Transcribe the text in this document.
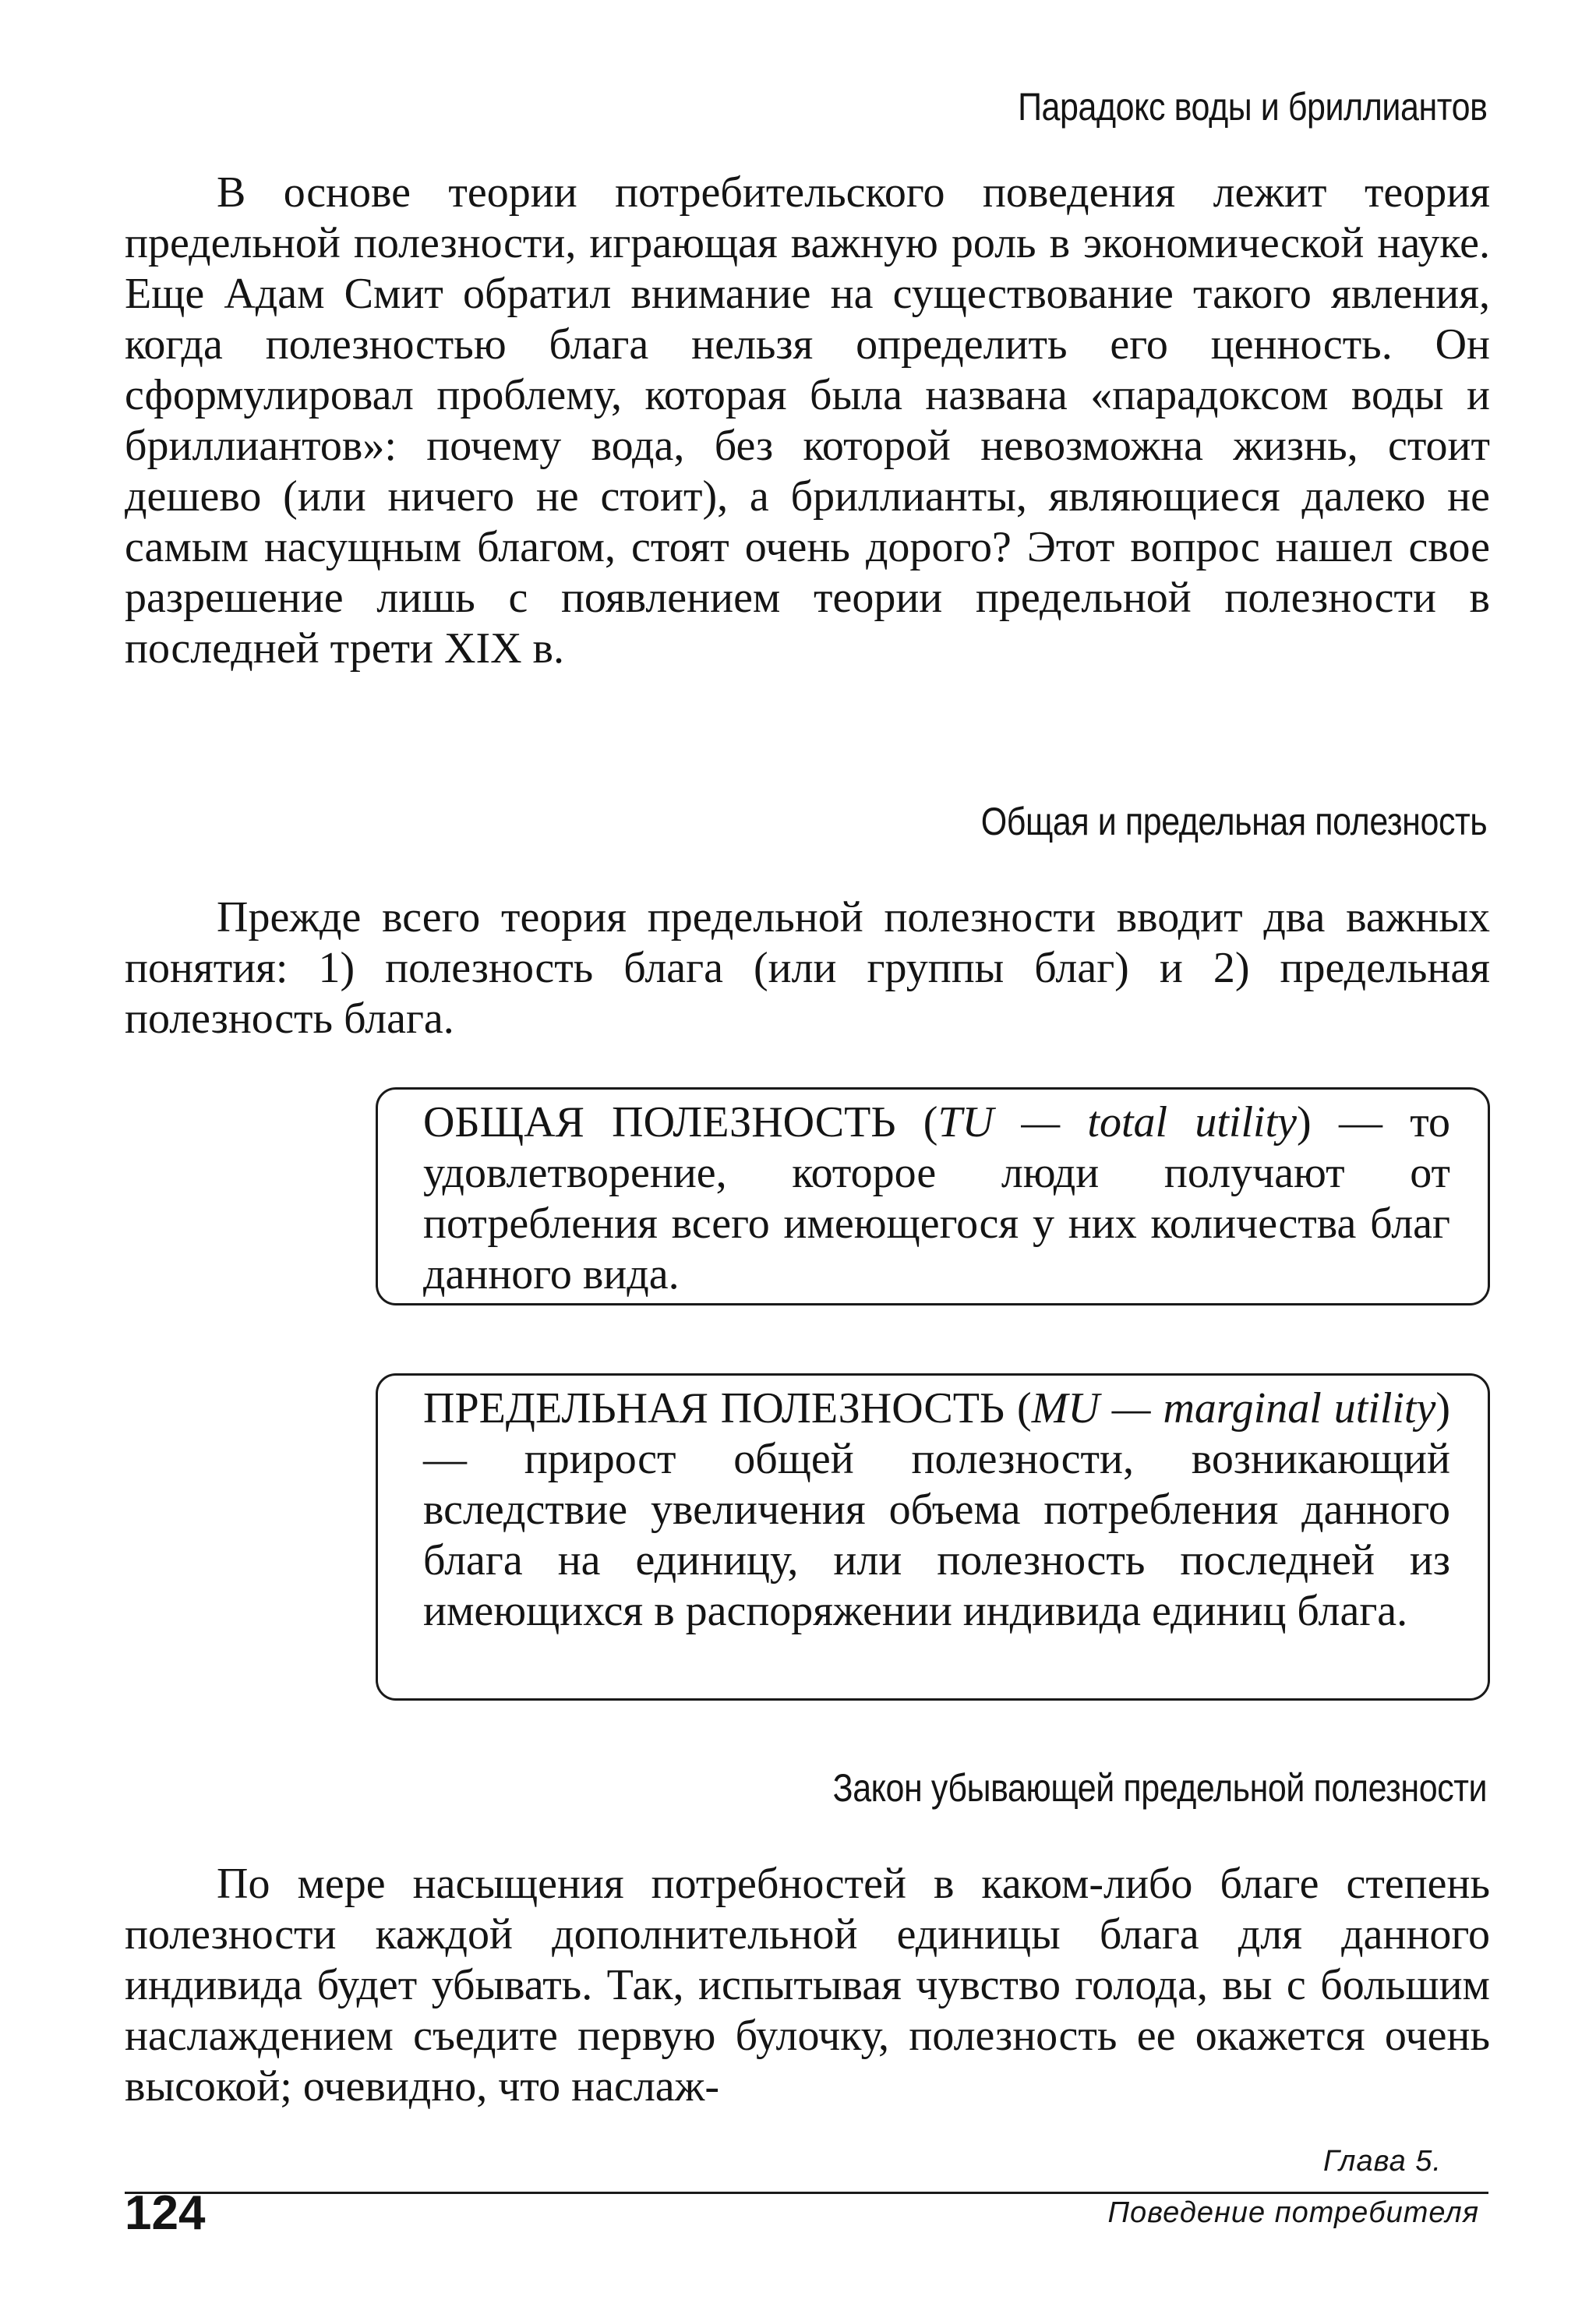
Парадокс воды и бриллиантов

В основе теории потребительского поведения лежит теория предельной полезности, играющая важную роль в экономической науке. Еще Адам Смит обратил внимание на существование такого явления, когда полезностью блага нельзя определить его ценность. Он сформулировал проблему, которая была названа «парадоксом воды и бриллиантов»: почему вода, без которой невозможна жизнь, стоит дешево (или ничего не стоит), а бриллианты, являющиеся далеко не самым насущным благом, стоят очень дорого? Этот вопрос нашел свое разрешение лишь с появлением теории предельной полезности в последней трети XIX в.

Общая и предельная полезность

Прежде всего теория предельной полезности вводит два важных понятия: 1) полезность блага (или группы благ) и 2) предельная полезность блага.

ОБЩАЯ ПОЛЕЗНОСТЬ (TU — total utility) — то удовлетворение, которое люди получают от потребления всего имеющегося у них количества благ данного вида.
ПРЕДЕЛЬНАЯ ПОЛЕЗНОСТЬ (MU — marginal utility) — прирост общей полезности, возникающий вследствие увеличения объема потребления данного блага на единицу, или полезность последней из имеющихся в распоряжении индивида единиц блага.
Закон убывающей предельной полезности

По мере насыщения потребностей в каком-либо благе степень полезности каждой дополнительной единицы блага для данного индивида будет убывать. Так, испытывая чувство голода, вы с большим наслаждением съедите первую булочку, полезность ее окажется очень высокой; очевидно, что наслаж-

124
Глава 5.
Поведение потребителя
